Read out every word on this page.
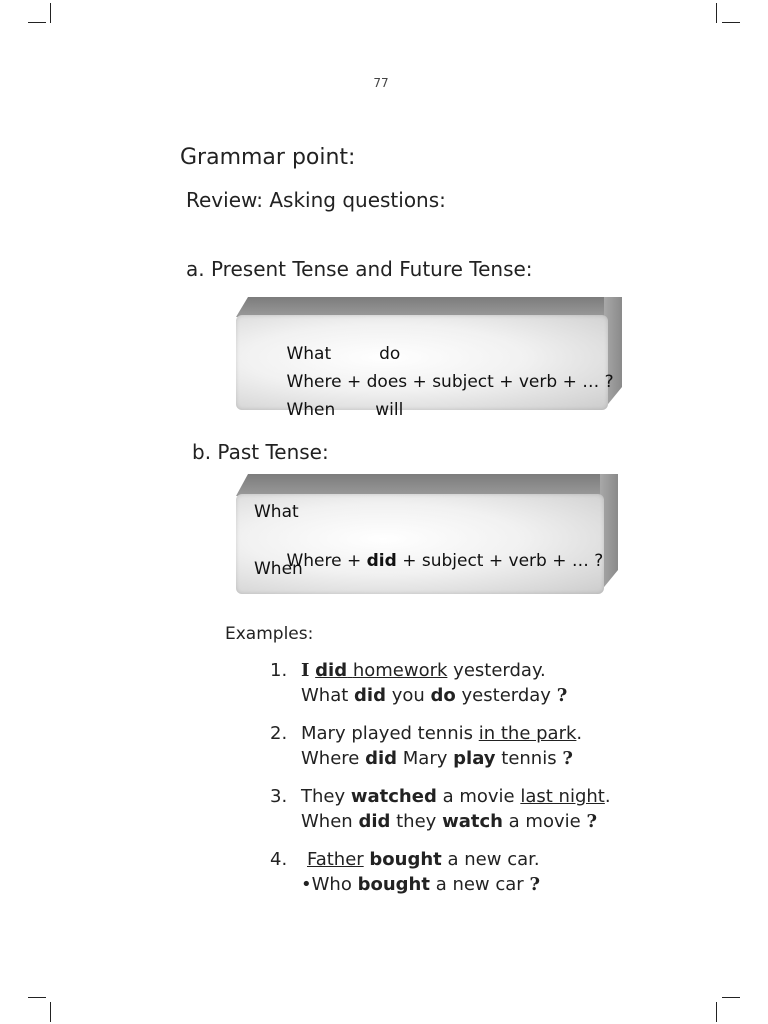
77
Grammar point:
Review: Asking questions:
a. Present Tense and Future Tense:

What	do

Where + does + subject + verb + … ?

When will

b. Past Tense:
What

Where + did + subject + verb + … ?

When
Examples:
1. I did homework yesterday.
What did you do yesterday ?
2. Mary played tennis in the park.
Where did Mary play tennis ?
3. They watched a movie last night.
When did they watch a movie ?
4.	Father bought a new car.
•Who bought a new car ?
